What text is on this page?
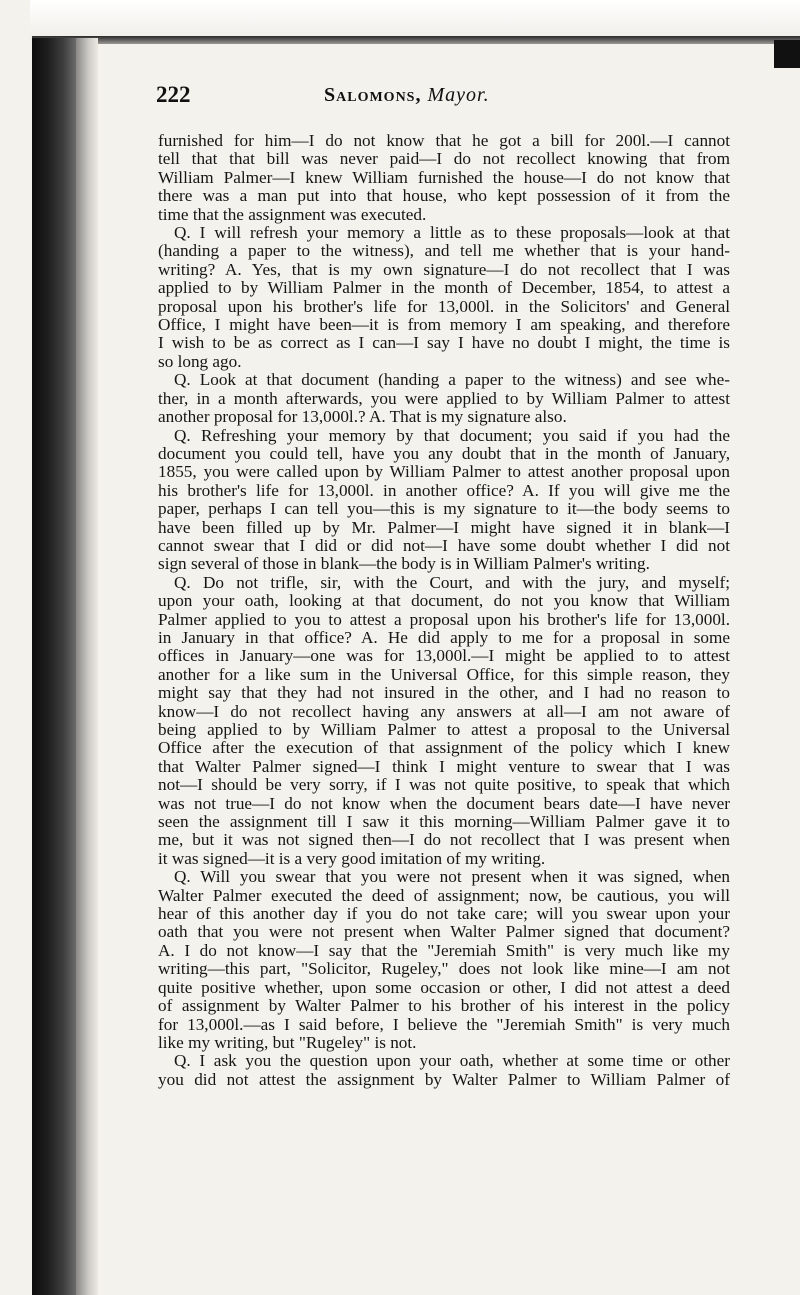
222	Salomons, Mayor.
furnished for him—I do not know that he got a bill for 200l.—I cannot
tell that that bill was never paid—I do not recollect knowing that from
William Palmer—I knew William furnished the house—I do not know that
there was a man put into that house, who kept possession of it from the
time that the assignment was executed.
Q. I will refresh your memory a little as to these proposals—look at that
(handing a paper to the witness), and tell me whether that is your hand-
writing? A. Yes, that is my own signature—I do not recollect that I was
applied to by William Palmer in the month of December, 1854, to attest a
proposal upon his brother's life for 13,000l. in the Solicitors' and General
Office, I might have been—it is from memory I am speaking, and therefore
I wish to be as correct as I can—I say I have no doubt I might, the time is
so long ago.
Q. Look at that document (handing a paper to the witness) and see whe-
ther, in a month afterwards, you were applied to by William Palmer to attest
another proposal for 13,000l.? A. That is my signature also.
Q. Refreshing your memory by that document; you said if you had the
document you could tell, have you any doubt that in the month of January,
1855, you were called upon by William Palmer to attest another proposal upon
his brother's life for 13,000l. in another office? A. If you will give me the
paper, perhaps I can tell you—this is my signature to it—the body seems to
have been filled up by Mr. Palmer—I might have signed it in blank—I
cannot swear that I did or did not—I have some doubt whether I did not
sign several of those in blank—the body is in William Palmer's writing.
Q. Do not trifle, sir, with the Court, and with the jury, and myself;
upon your oath, looking at that document, do not you know that William
Palmer applied to you to attest a proposal upon his brother's life for 13,000l.
in January in that office? A. He did apply to me for a proposal in some
offices in January—one was for 13,000l.—I might be applied to to attest
another for a like sum in the Universal Office, for this simple reason, they
might say that they had not insured in the other, and I had no reason to
know—I do not recollect having any answers at all—I am not aware of
being applied to by William Palmer to attest a proposal to the Universal
Office after the execution of that assignment of the policy which I knew
that Walter Palmer signed—I think I might venture to swear that I was
not—I should be very sorry, if I was not quite positive, to speak that which
was not true—I do not know when the document bears date—I have never
seen the assignment till I saw it this morning—William Palmer gave it to
me, but it was not signed then—I do not recollect that I was present when
it was signed—it is a very good imitation of my writing.
Q. Will you swear that you were not present when it was signed, when
Walter Palmer executed the deed of assignment; now, be cautious, you will
hear of this another day if you do not take care; will you swear upon your
oath that you were not present when Walter Palmer signed that document?
A. I do not know—I say that the "Jeremiah Smith" is very much like my
writing—this part, "Solicitor, Rugeley," does not look like mine—I am not
quite positive whether, upon some occasion or other, I did not attest a deed
of assignment by Walter Palmer to his brother of his interest in the policy
for 13,000l.—as I said before, I believe the "Jeremiah Smith" is very much
like my writing, but "Rugeley" is not.
Q. I ask you the question upon your oath, whether at some time or other
you did not attest the assignment by Walter Palmer to William Palmer of
